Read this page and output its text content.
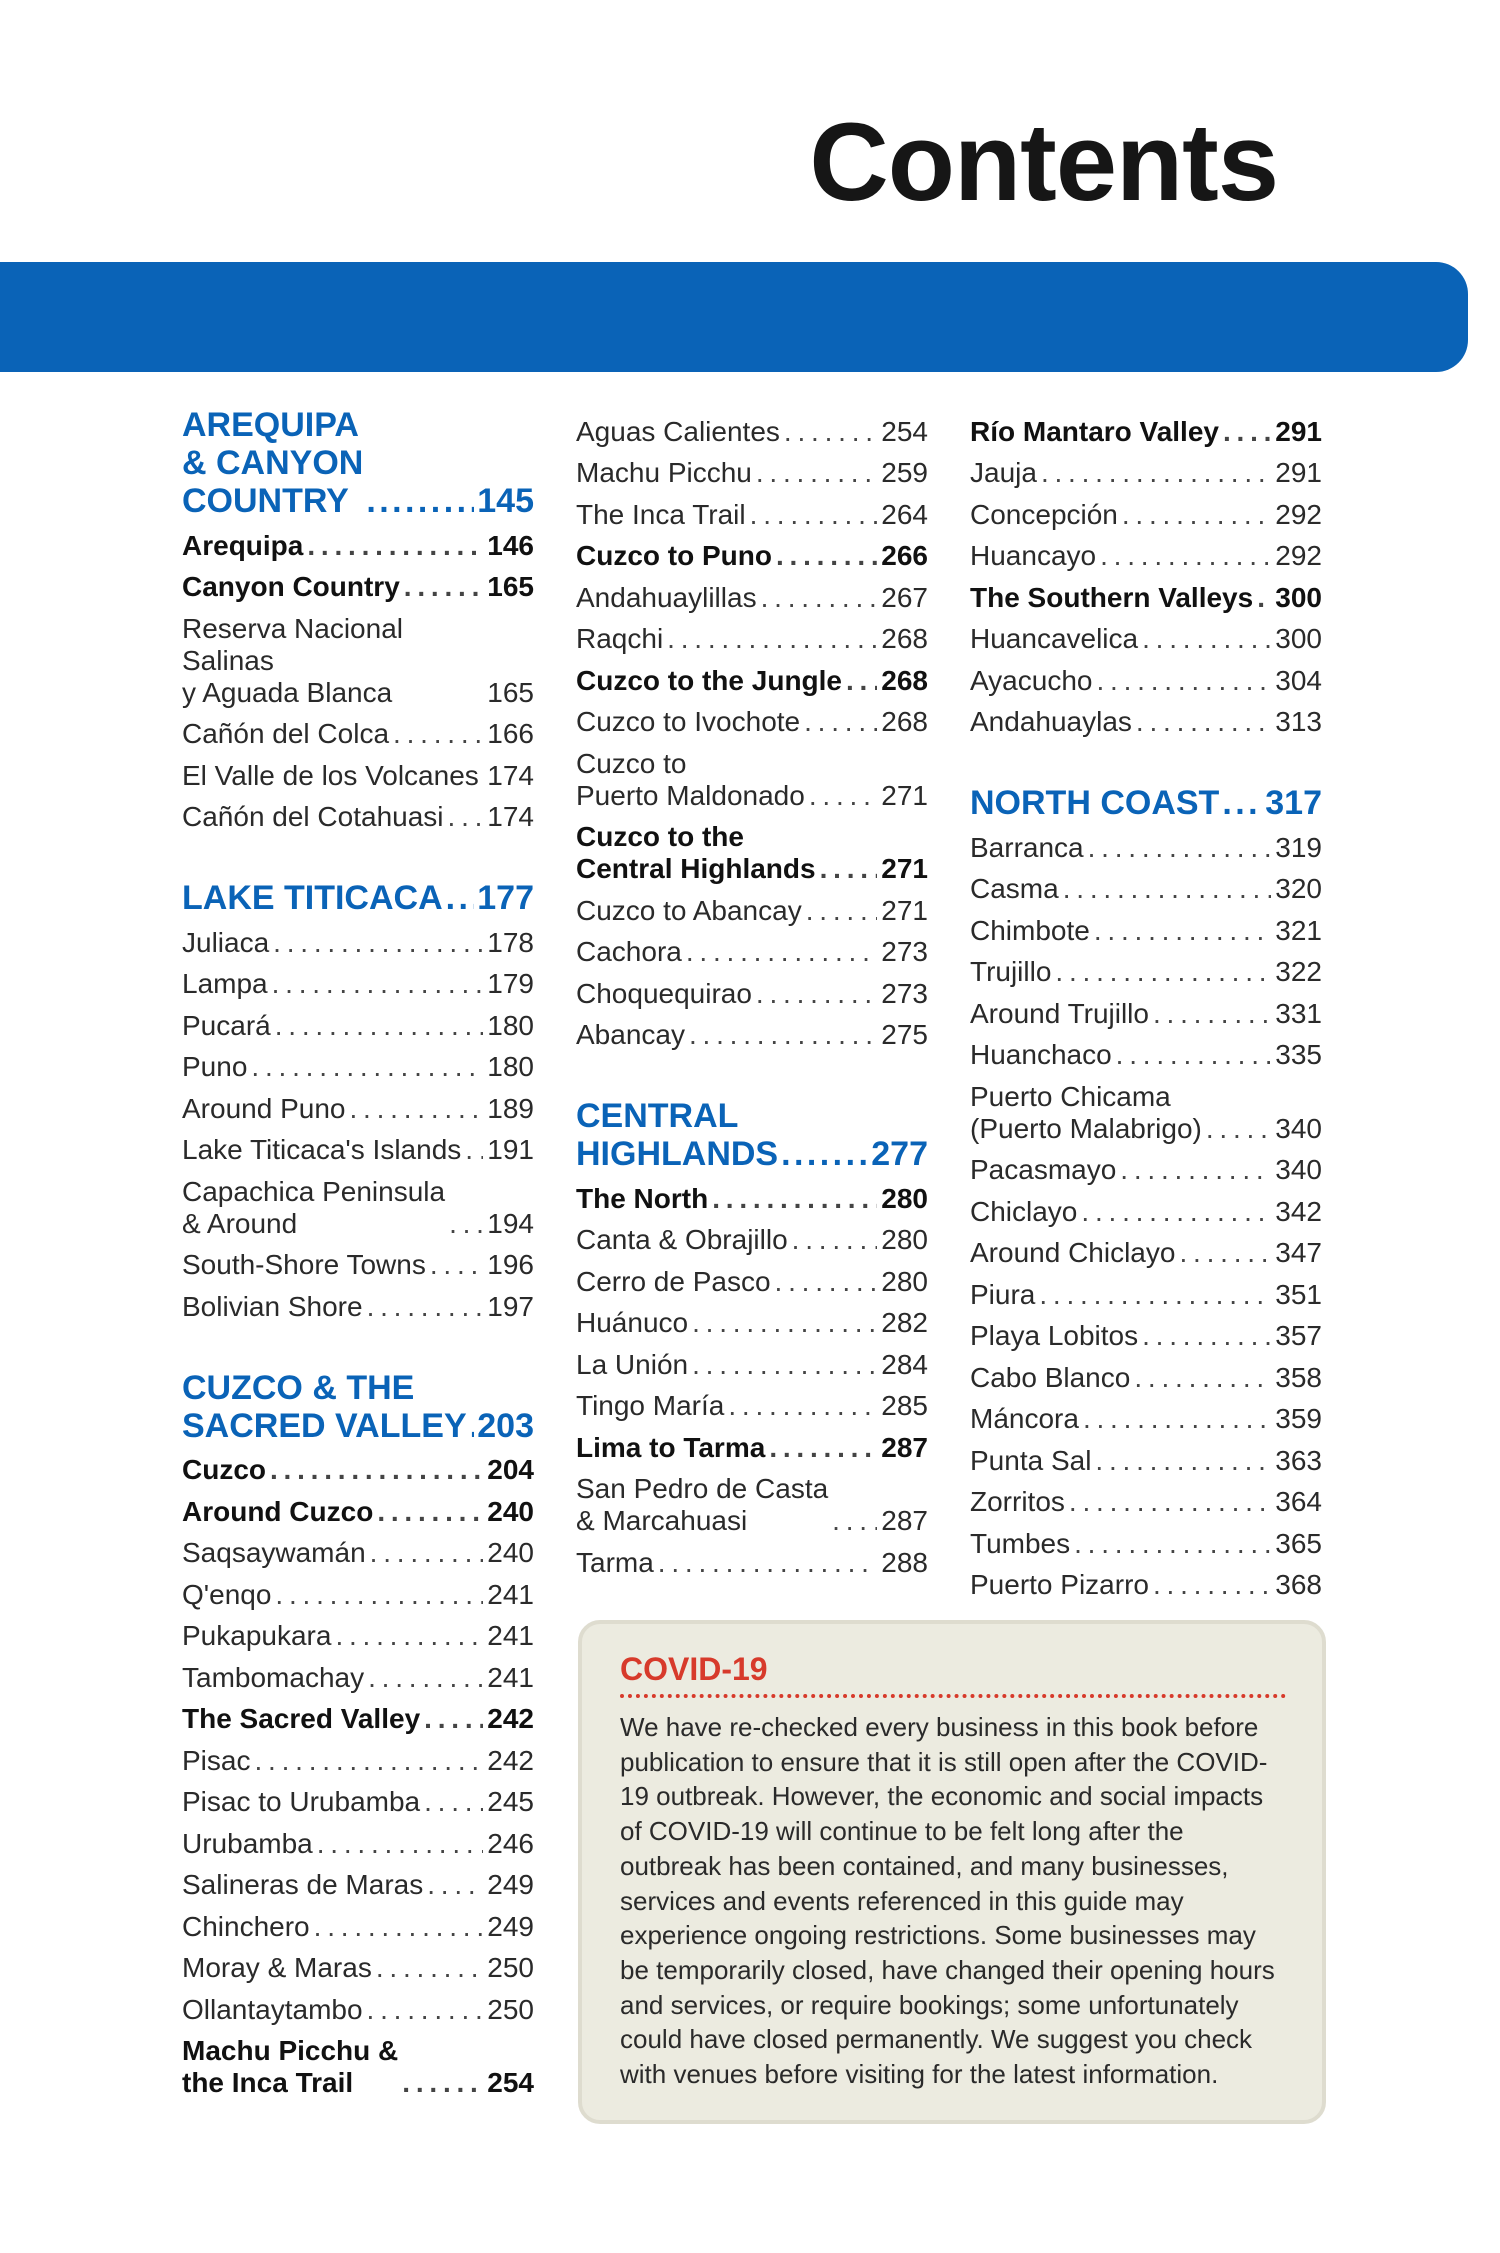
Contents
AREQUIPA
& CANYON
COUNTRY . . .	145
Arequipa . . .	146
Canyon Country . . .	165
Reserva Nacional Salinas
y Aguada Blanca	165
Cañón del Colca . . .	166
El Valle de los Volcanes . . . 174
Cañón del Cotahuasi . . . 174
LAKE TITICACA . . . 177
Juliaca . . .	178
Lampa . . .	179
Pucará . . .	180
Puno . . .	180
Around Puno . . .	189
Lake Titicaca's Islands . . . 191
Capachica Peninsula
& Around . . .	194
South-Shore Towns . . . 196
Bolivian Shore . . .	197
CUZCO & THE
SACRED VALLEY . . . 203
Cuzco . . .	204
Around Cuzco . . .	240
Saqsaywamán . . .	240
Q'enqo . . .	241
Pukapukara . . .	241
Tambomachay . . .	241
The Sacred Valley . . . 242
Pisac . . .	242
Pisac to Urubamba . . . 245
Urubamba . . .	246
Salineras de Maras . . . 249
Chinchero . . .	249
Moray & Maras . . .	250
Ollantaytambo . . .	250
Machu Picchu &
the Inca Trail . . .	254
Aguas Calientes . . .	254
Machu Picchu . . .	259
The Inca Trail . . .	264
Cuzco to Puno . . .	266
Andahuaylillas . . .	267
Raqchi . . .	268
Cuzco to the Jungle . . . 268
Cuzco to Ivochote . . .	268
Cuzco to
Puerto Maldonado . . .	271
Cuzco to the
Central Highlands . . . 271
Cuzco to Abancay . . .	271
Cachora . . .	273
Choquequirao . . .	273
Abancay . . .	275
CENTRAL
HIGHLANDS . . .	277
The North . . .	280
Canta & Obrajillo . . .	280
Cerro de Pasco . . .	280
Huánuco . . .	282
La Unión . . .	284
Tingo María . . .	285
Lima to Tarma . . .	287
San Pedro de Casta
& Marcahuasi . . .	287
Tarma . . .	288
Río Mantaro Valley . . . 291
Jauja . . .	291
Concepción . . .	292
Huancayo . . .	292
The Southern Valleys . . . 300
Huancavelica . . .	300
Ayacucho . . .	304
Andahuaylas . . .	313
NORTH COAST . . . 317
Barranca . . .	319
Casma . . .	320
Chimbote . . .	321
Trujillo . . .	322
Around Trujillo . . .	331
Huanchaco . . .	335
Puerto Chicama
(Puerto Malabrigo) . . .	340
Pacasmayo . . .	340
Chiclayo . . .	342
Around Chiclayo . . .	347
Piura . . .	351
Playa Lobitos . . .	357
Cabo Blanco . . .	358
Máncora . . .	359
Punta Sal . . .	363
Zorritos . . .	364
Tumbes . . .	365
Puerto Pizarro . . .	368
COVID-19

We have re-checked every business in this book before publication to ensure that it is still open after the COVID-19 outbreak. However, the economic and social impacts of COVID-19 will continue to be felt long after the outbreak has been contained, and many businesses, services and events referenced in this guide may experience ongoing restrictions. Some businesses may be temporarily closed, have changed their opening hours and services, or require bookings; some unfortunately could have closed permanently. We suggest you check with venues before visiting for the latest information.
